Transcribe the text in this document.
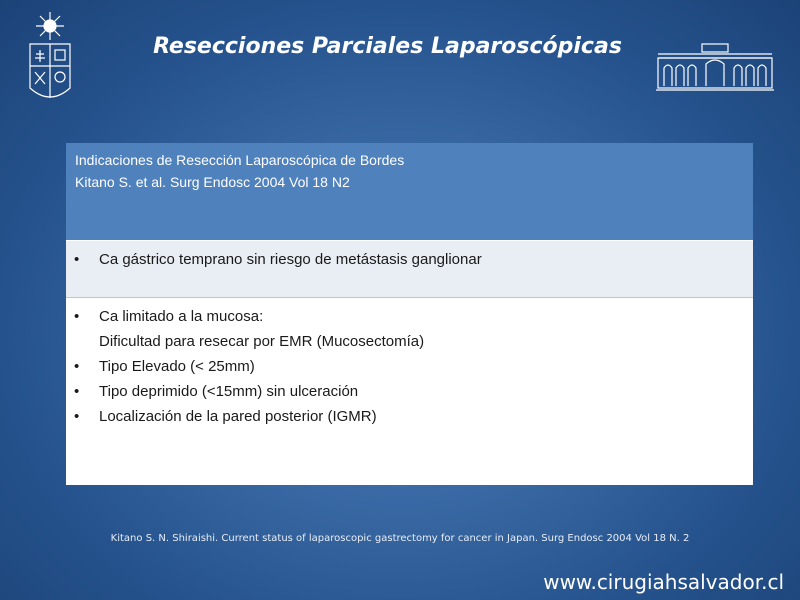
Resecciones Parciales Laparoscópicas
Indicaciones de Resección Laparoscópica de Bordes
Kitano S. et al. Surg Endosc 2004 Vol 18 N2
• Ca gástrico temprano sin riesgo de metástasis ganglionar
• Ca limitado a la mucosa:
Dificultad para resecar por EMR (Mucosectomía)
• Tipo Elevado (< 25mm)
• Tipo deprimido (<15mm) sin ulceración
• Localización de la pared posterior (IGMR)
Kitano S. N. Shiraishi. Current status of laparoscopic gastrectomy for cancer in Japan. Surg Endosc 2004 Vol 18 N. 2
www.cirugiahsalvador.cl
